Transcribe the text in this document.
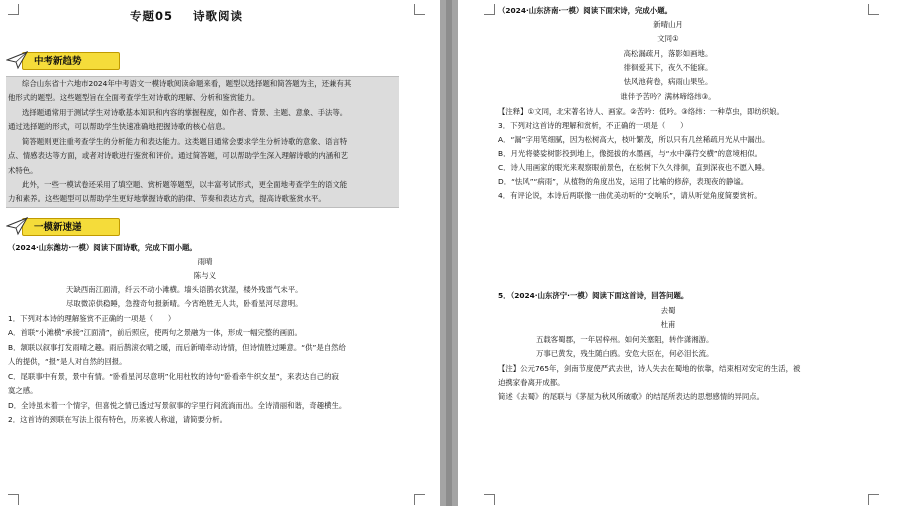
专题05 诗歌阅读
中考新趋势
综合山东省十六地市2024年中考语文一模诗歌阅读命题来看，题型以选择题和简答题为主，还兼有其
他形式的题型。这些题型旨在全面考查学生对诗歌的理解、分析和鉴赏能力。
选择题通常用于测试学生对诗歌基本知识和内容的掌握程度，如作者、背景、主题、意象、手法等。
通过选择题的形式，可以帮助学生快速准确地把握诗歌的核心信息。
简答题则更注重考查学生的分析能力和表达能力。这类题目通常会要求学生分析诗歌的意象、语言特
点、情感表达等方面，或者对诗歌进行鉴赏和评价。通过简答题，可以帮助学生深入理解诗歌的内涵和艺
术特色。
此外，一些一模试卷还采用了填空题、赏析题等题型，以丰富考试形式，更全面地考查学生的语文能
力和素养。这些题型可以帮助学生更好地掌握诗歌的韵律、节奏和表达方式，提高诗歌鉴赏水平。
一模新速递
（2024·山东潍坊·一模）阅读下面诗歌，完成下面小题。
雨晴
陈与义
天缺西南江面清，纤云不动小滩横。墙头语鹊衣犹湿，楼外残雷气未平。
尽取微凉供稳睡，急搜奇句报新晴。今宵绝胜无人共，卧看星河尽意明。
1．下列对本诗的理解鉴赏不正确的一项是（　　）
A．首联“小滩横”承接“江面清”，前后照应，使两句之景融为一体，形成一幅完整的画面。
B．颔联以叙事打发雨晴之趣。雨后鹊滚衣晴之暖，而后新晴牵动诗情，但诗情胜过睡意。“供”是自然给
人的提供，“报”是人对自然的回报。
C．尾联事中有景，景中有情。“卧看星河尽意明”化用杜牧的诗句“卧看牵牛织女星”，来表达自己的寂
寞之感。
D．全诗虽未着一个情字，但喜悦之情已透过写景叙事的字里行间流淌而出。全诗清丽和谐，奇趣横生。
2．这首诗的颈联在写法上很有特色，历来被人称道，请简要分析。
（2024·山东济南·一模）阅读下面宋诗，完成小题。
新晴山月
文同①
高松漏疏月，落影如画地。
徘徊爱其下，夜久不能寐。
怯风池荷卷，病雨山果坠。
谁伴予苦吟？满林啼络纬③。
【注释】①文同，北宋著名诗人、画家。②苦吟：低吟。③络纬：一种草虫，即纺织娘。
3．下列对这首诗的理解和赏析，不正确的一项是（　　）
A．“漏”字用笔细腻，因为松树高大，枝叶繁茂，所以只有几丝稀疏月光从中漏出。
B．月光将婆娑树影投到地上，像挺拔的水墨画，与“水中藻荇交横”的意境相似。
C．诗人用画家的眼光来观察眼前景色，在松树下久久徘徊，直到深夜也不愿入睡。
D．“怯风”“病雨”，从植物的角度出发，运用了比喻的修辞，表现夜的静谧。
4．有评论说，本诗后两联像一曲优美动听的“交响乐”，请从听觉角度简要赏析。
5．（2024·山东济宁·一模）阅读下面这首诗，回答问题。
去蜀
杜甫
五载客蜀郡，一年居梓州。如何关塞阻，转作潇湘游。
万事已黄发，残生随白鸥。安危大臣在，何必泪长流。
【注】公元765年，剑南节度使严武去世，诗人失去在蜀地的依靠，结束相对安定的生活，被
迫携家眷离开成都。
简述《去蜀》的尾联与《茅屋为秋风所破歌》的结尾所表达的思想感情的异同点。
